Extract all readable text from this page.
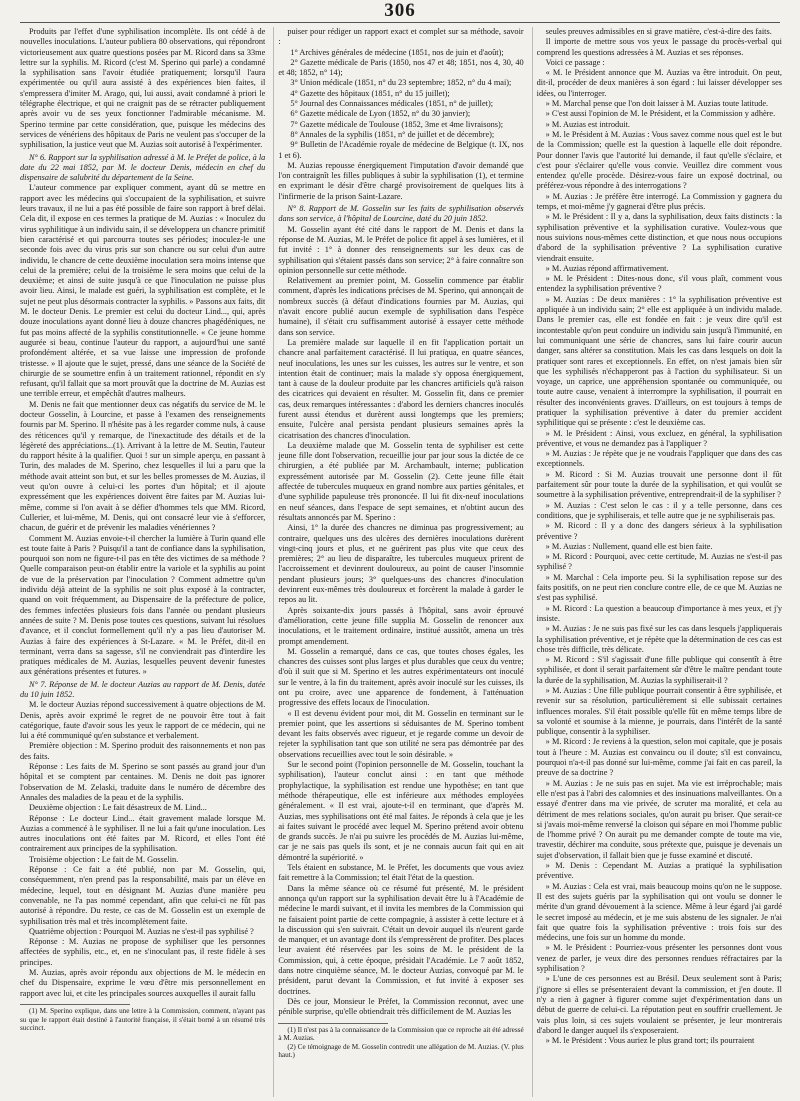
306

Produits par l'effet d'une syphilisation incomplète. Ils ont cédé à de nouvelles inoculations. L'auteur publiera 80 observations, qui répondront victorieusement aux quatre questions posées par M. Ricord dans sa 33me lettre sur la syphilis. M. Ricord (c'est M. Sperino qui parle) a condamné la syphilisation sans l'avoir étudiée pratiquement; lorsqu'il l'aura expérimentée ou qu'il aura assisté à des expériences bien faites, il s'empressera d'imiter M. Arago, qui, lui aussi, avait condamné à priori le télégraphe électrique, et qui ne craignit pas de se rétracter publiquement après avoir vu de ses yeux fonctionner l'admirable mécanisme. M. Sperino termine par cette considération, que, puisque les médecins des services de vénériens des hôpitaux de Paris ne veulent pas s'occuper de la syphilisation, la justice veut que M. Auzias soit autorisé à l'expérimenter.

N° 6. Rapport sur la syphilisation adressé à M. le Préfet de police, à la date du 22 mai 1852, par M. le docteur Denis, médecin en chef du dispensaire de salubrité du département de la Seine.

L'auteur commence par expliquer comment, ayant dû se mettre en rapport avec les médecins qui s'occupaient de la syphilisation, et suivre leurs travaux, il ne lui a pas été possible de faire son rapport à bref délai. Cela dit, il expose en ces termes la pratique de M. Auzias : « Inoculez du virus syphilitique à un individu sain, il se développera un chancre primitif bien caractérisé et qui parcourra toutes ses périodes; inoculez-le une seconde fois avec du virus pris sur son chancre ou sur celui d'un autre individu, le chancre de cette deuxième inoculation sera moins intense que celui de la première; celui de la troisième le sera moins que celui de la deuxième; et ainsi de suite jusqu'à ce que l'inoculation ne puisse plus avoir lieu. Ainsi, le malade est guéri, la syphilisation est complète, et le sujet ne peut plus désormais contracter la syphilis. » Passons aux faits, dit M. le docteur Denis. Le premier est celui du docteur Lind..., qui, après douze inoculations ayant donné lieu à douze chancres phagédéniques, ne fut pas moins affecté de la syphilis constitutionnelle. « Ce jeune homme augurée si beau, continue l'auteur du rapport, a aujourd'hui une santé profondément altérée, et sa vue laisse une impression de profonde tristesse. » Il ajoute que le sujet, pressé, dans une séance de la Société de chirurgie de se soumettre enfin à un traitement rationnel, répondit en s'y refusant, qu'il fallait que sa mort prouvât que la doctrine de M. Auzias est une terrible erreur, et empêchât d'autres malheurs.

M. Denis ne fait que mentionner deux cas négatifs du service de M. le docteur Gosselin, à Lourcine, et passe à l'examen des renseignements fournis par M. Sperino. Il n'hésite pas à les regarder comme nuls, à cause des réticences qu'il y remarque, de l'inexactitude des détails et de la légèreté des appréciations...(1). Arrivant à la lettre de M. Seutin, l'auteur du rapport hésite à la qualifier. Quoi ! sur un simple aperçu, en passant à Turin, des malades de M. Sperino, chez lesquelles il lui a paru que la méthode avait atteint son but, et sur les belles promesses de M. Auzias, il veut qu'on ouvre à celui-ci les portes d'un hôpital; et il ajoute expressément que les expériences doivent être faites par M. Auzias lui-même, comme si l'on avait à se défier d'hommes tels que MM. Ricord, Cullerier, et lui-même, M. Denis, qui ont consacré leur vie à s'efforcer, chacun, de guérir et de prévenir les maladies vénériennes ?

Comment M. Auzias envoie-t-il chercher la lumière à Turin quand elle est toute faite à Paris ? Puisqu'il a tant de confiance dans la syphilisation, pourquoi son nom ne figure-t-il pas en tête des victimes de sa méthode ? Quelle comparaison peut-on établir entre la variole et la syphilis au point de vue de la préservation par l'inoculation ? Comment admettre qu'un individu déjà atteint de la syphilis ne soit plus exposé à la contracter, quand on voit fréquemment, au Dispensaire de la préfecture de police, des femmes infectées plusieurs fois dans l'année ou pendant plusieurs années de suite ? M. Denis pose toutes ces questions, suivant lui résolues d'avance, et il conclut formellement qu'il n'y a pas lieu d'autoriser M. Auzias à faire des expériences à St-Lazare. « M. le Préfet, dit-il en terminant, verra dans sa sagesse, s'il ne conviendrait pas d'interdire les pratiques médicales de M. Auzias, lesquelles peuvent devenir funestes aux générations présentes et futures. »

N° 7. Réponse de M. le docteur Auzias au rapport de M. Denis, datée du 10 juin 1852.

M. le docteur Auzias répond successivement à quatre objections de M. Denis, après avoir exprimé le regret de ne pouvoir être tout à fait catégorique, faute d'avoir sous les yeux le rapport de ce médecin, qui ne lui a été communiqué qu'en substance et verbalement.

Première objection : M. Sperino produit des raisonnements et non pas des faits.

Réponse : Les faits de M. Sperino se sont passés au grand jour d'un hôpital et se comptent par centaines. M. Denis ne doit pas ignorer l'observation de M. Zelaski, traduite dans le numéro de décembre des Annales des maladies de la peau et de la syphilis.

Deuxième objection : Le fait désastreux de M. Lind...

Réponse : Le docteur Lind... était gravement malade lorsque M. Auzias a commencé à le syphiliser. Il ne lui a fait qu'une inoculation. Les autres inoculations ont été faites par M. Ricord, et elles l'ont été contrairement aux principes de la syphilisation.

Troisième objection : Le fait de M. Gosselin.

Réponse : Ce fait a été publié, non par M. Gosselin, qui, conséquemment, n'en prend pas la responsabilité, mais par un élève en médecine, lequel, tout en désignant M. Auzias d'une manière peu convenable, ne l'a pas nommé cependant, afin que celui-ci ne fût pas autorisé à répondre. Du reste, ce cas de M. Gosselin est un exemple de syphilisation très mal et très incomplètement faite.

Quatrième objection : Pourquoi M. Auzias ne s'est-il pas syphilisé ?

Réponse : M. Auzias ne propose de syphiliser que les personnes affectées de syphilis, etc., et, en ne s'inoculant pas, il reste fidèle à ses principes.

M. Auzias, après avoir répondu aux objections de M. le médecin en chef du Dispensaire, exprime le vœu d'être mis personnellement en rapport avec lui, et cite les principales sources auxquelles il aurait fallu

(1) M. Sperino explique, dans une lettre à la Commission, comment, n'ayant pas su que le rapport était destiné à l'autorité française, il s'était borné à un résumé très succinct.

puiser pour rédiger un rapport exact et complet sur sa méthode, savoir :

1° Archives générales de médecine (1851, nos de juin et d'août);

2° Gazette médicale de Paris (1850, nos 47 et 48; 1851, nos 4, 30, 40 et 48; 1852, n° 14);

3° Union médicale (1851, n° du 23 septembre; 1852, n° du 4 mai);

4° Gazette des hôpitaux (1851, n° du 15 juillet);

5° Journal des Connaissances médicales (1851, n° de juillet);

6° Gazette médicale de Lyon (1852, n° du 30 janvier);

7° Gazette médicale de Toulouse (1852, 3me et 4me livraisons);

8° Annales de la syphilis (1851, n° de juillet et de décembre);

9° Bulletin de l'Académie royale de médecine de Belgique (t. IX, nos 1 et 6).

M. Auzias repousse énergiquement l'imputation d'avoir demandé que l'on contraignît les filles publiques à subir la syphilisation (1), et termine en exprimant le désir d'être chargé provisoirement de quelques lits à l'infirmerie de la prison Saint-Lazare.

N° 8. Rapport de M. Gosselin sur les faits de syphilisation observés dans son service, à l'hôpital de Lourcine, daté du 20 juin 1852.

M. Gosselin ayant été cité dans le rapport de M. Denis et dans la réponse de M. Auzias, M. le Préfet de police fit appel à ses lumières, et il fut invité : 1° à donner des renseignements sur les deux cas de syphilisation qui s'étaient passés dans son service; 2° à faire connaître son opinion personnelle sur cette méthode.

Relativement au premier point, M. Gosselin commence par établir comment, d'après les indications précises de M. Sperino, qui annonçait de nombreux succès (à défaut d'indications fournies par M. Auzias, qui n'avait encore publié aucun exemple de syphilisation dans l'espèce humaine), il s'était cru suffisamment autorisé à essayer cette méthode dans son service.

La première malade sur laquelle il en fit l'application portait un chancre anal parfaitement caractérisé. Il lui pratiqua, en quatre séances, neuf inoculations, les unes sur les cuisses, les autres sur le ventre, et son intention était de continuer; mais la malade s'y opposa énergiquement, tant à cause de la douleur produite par les chancres artificiels qu'à raison des cicatrices qui devaient en résulter. M. Gosselin fit, dans ce premier cas, deux remarques intéressantes : d'abord les derniers chancres inoculés furent aussi étendus et durèrent aussi longtemps que les premiers; ensuite, l'ulcère anal persista pendant plusieurs semaines après la cicatrisation des chancres d'inoculation.

La deuxième malade que M. Gosselin tenta de syphiliser est cette jeune fille dont l'observation, recueillie jour par jour sous la dictée de ce chirurgien, a été publiée par M. Archambault, interne; publication expressément autorisée par M. Gosselin (2). Cette jeune fille était affectée de tubercules muqueux en grand nombre aux parties génitales, et d'une syphilide papuleuse très prononcée. Il lui fit dix-neuf inoculations en neuf séances, dans l'espace de sept semaines, et n'obtint aucun des résultats annoncés par M. Sperino :

Ainsi, 1° la durée des chancres ne diminua pas progressivement; au contraire, quelques uns des ulcères des dernières inoculations durèrent vingt-cinq jours et plus, et ne guérirent pas plus vite que ceux des premières; 2° au lieu de disparaître, les tubercules muqueux prirent de l'accroissement et devinrent douloureux, au point de causer l'insomnie pendant plusieurs jours; 3° quelques-uns des chancres d'inoculation devinrent eux-mêmes très douloureux et forcèrent la malade à garder le repos au lit.

Après soixante-dix jours passés à l'hôpital, sans avoir éprouvé d'amélioration, cette jeune fille supplia M. Gosselin de renoncer aux inoculations, et le traitement ordinaire, institué aussitôt, amena un très prompt amendement.

M. Gosselin a remarqué, dans ce cas, que toutes choses égales, les chancres des cuisses sont plus larges et plus durables que ceux du ventre; d'où il suit que si M. Sperino et les autres expérimentateurs ont inoculé sur le ventre, à la fin du traitement, après avoir inoculé sur les cuisses, ils ont pu croire, avec une apparence de fondement, à l'atténuation progressive des effets locaux de l'inoculation.

« Il est devenu évident pour moi, dit M. Gosselin en terminant sur le premier point, que les assertions si séduisantes de M. Sperino tombent devant les faits observés avec rigueur, et je regarde comme un devoir de rejeter la syphilisation tant que son utilité ne sera pas démontrée par des observations recueillies avec tout le soin désirable. »

Sur le second point (l'opinion personnelle de M. Gosselin, touchant la syphilisation), l'auteur conclut ainsi : en tant que méthode prophylactique, la syphilisation est rendue une hypothèse; en tant que méthode thérapeutique, elle est inférieure aux méthodes employées généralement. « Il est vrai, ajoute-t-il en terminant, que d'après M. Auzias, mes syphilisations ont été mal faites. Je réponds à cela que je les ai faites suivant le procédé avec lequel M. Sperino prétend avoir obtenu de grands succès. Je n'ai pu suivre les procédés de M. Auzias lui-même, car je ne sais pas quels ils sont, et je ne connais aucun fait qui en ait démontré la supériorité. »

Tels étaient en substance, M. le Préfet, les documents que vous aviez fait remettre à la Commission; tel était l'état de la question.

Dans la même séance où ce résumé fut présenté, M. le président annonça qu'un rapport sur la syphilisation devait être lu à l'Académie de médecine le mardi suivant, et il invita les membres de la Commission qui ne faisaient point partie de cette compagnie, à assister à cette lecture et à la discussion qui s'en suivrait. C'était un devoir auquel ils n'eurent garde de manquer, et un avantage dont ils s'empressèrent de profiter. Des places leur avaient été réservées par les soins de M. le président de la Commission, qui, à cette époque, présidait l'Académie. Le 7 août 1852, dans notre cinquième séance, M. le docteur Auzias, convoqué par M. le président, parut devant la Commission, et fut invité à exposer ses doctrines.

Dès ce jour, Monsieur le Préfet, la Commission reconnut, avec une pénible surprise, qu'elle obtiendrait très difficilement de M. Auzias les

(1) Il n'est pas à la connaissance de la Commission que ce reproche ait été adressé à M. Auzias.

(2) Ce témoignage de M. Gosselin contredit une allégation de M. Auzias. (V. plus haut.)

seules preuves admissibles en si grave matière, c'est-à-dire des faits.

Il importe de mettre sous vos yeux le passage du procès-verbal qui comprend les questions adressées à M. Auzias et ses réponses.

Voici ce passage :

« M. le Président annonce que M. Auzias va être introduit. On peut, dit-il, procéder de deux manières à son égard : lui laisser développer ses idées, ou l'interroger.

» M. Marchal pense que l'on doit laisser à M. Auzias toute latitude.

» C'est aussi l'opinion de M. le Président, et la Commission y adhère.

» M. Auzias est introduit.

» M. le Président à M. Auzias : Vous savez comme nous quel est le but de la Commission; quelle est la question à laquelle elle doit répondre. Pour donner l'avis que l'autorité lui demande, il faut qu'elle s'éclaire, et c'est pour s'éclairer qu'elle vous convie. Veuillez dire comment vous entendez qu'elle procède. Désirez-vous faire un exposé doctrinal, ou préférez-vous répondre à des interrogations ?

» M. Auzias : Je préfère être interrogé. La Commission y gagnera du temps, et moi-même j'y gagnerai d'être plus précis.

» M. le Président : Il y a, dans la syphilisation, deux faits distincts : la syphilisation préventive et la syphilisation curative. Voulez-vous que nous suivions nous-mêmes cette distinction, et que nous nous occupions d'abord de la syphilisation préventive ? La syphilisation curative viendrait ensuite.

» M. Auzias répond affirmativement.

» M. le Président : Dites-nous donc, s'il vous plaît, comment vous entendez la syphilisation préventive ?

» M. Auzias : De deux manières : 1° la syphilisation préventive est appliquée à un individu sain; 2° elle est appliquée à un individu malade. Dans le premier cas, elle est fondée en fait : je veux dire qu'il est incontestable qu'on peut conduire un individu sain jusqu'à l'immunité, en lui communiquant une série de chancres, sans lui faire courir aucun danger, sans altérer sa constitution. Mais les cas dans lesquels on doit la pratiquer sont rares et exceptionnels. En effet, on n'est jamais bien sûr que les syphilisés n'échapperont pas à l'action du syphilisateur. Si un voyage, un caprice, une appréhension spontanée ou communiquée, ou toute autre cause, venaient à interrompre la syphilisation, il pourrait en résulter des inconvénients graves. D'ailleurs, on est toujours à temps de pratiquer la syphilisation préventive à dater du premier accident syphilitique qui se présente : c'est le deuxième cas.

» M. le Président : Ainsi, vous excluez, en général, la syphilisation préventive, et vous ne demandez pas à l'appliquer ?

» M. Auzias : Je répète que je ne voudrais l'appliquer que dans des cas exceptionnels.

» M. Ricord : Si M. Auzias trouvait une personne dont il fût parfaitement sûr pour toute la durée de la syphilisation, et qui voulût se soumettre à la syphilisation préventive, entreprendrait-il de la syphiliser ?

» M. Auzias : C'est selon le cas : il y a telle personne, dans ces conditions, que je syphiliserais, et telle autre que je ne syphiliserais pas.

» M. Ricord : Il y a donc des dangers sérieux à la syphilisation préventive ?

» M. Auzias : Nullement, quand elle est bien faite.

» M. Ricord : Pourquoi, avec cette certitude, M. Auzias ne s'est-il pas syphilisé ?

» M. Marchal : Cela importe peu. Si la syphilisation repose sur des faits positifs, on ne peut rien conclure contre elle, de ce que M. Auzias ne s'est pas syphilisé.

» M. Ricord : La question a beaucoup d'importance à mes yeux, et j'y insiste.

» M. Auzias : Je ne suis pas fixé sur les cas dans lesquels j'appliquerais la syphilisation préventive, et je répète que la détermination de ces cas est chose très difficile, très délicate.

» M. Ricord : S'il s'agissait d'une fille publique qui consentît à être syphilisée, et dont il serait parfaitement sûr d'être le maître pendant toute la durée de la syphilisation, M. Auzias la syphiliserait-il ?

» M. Auzias : Une fille publique pourrait consentir à être syphilisée, et revenir sur sa résolution, particulièrement si elle subissait certaines influences morales. S'il était possible qu'elle fût en même temps libre de sa volonté et soumise à la mienne, je pourrais, dans l'intérêt de la santé publique, consentir à la syphiliser.

» M. Ricord : Je reviens à la question, selon moi capitale, que je posais tout à l'heure : M. Auzias est convaincu ou il doute; s'il est convaincu, pourquoi n'a-t-il pas donné sur lui-même, comme j'ai fait en cas pareil, la preuve de sa doctrine ?

» M. Auzias : Je ne suis pas en sujet. Ma vie est irréprochable; mais elle n'est pas à l'abri des calomnies et des insinuations malveillantes. On a essayé d'entrer dans ma vie privée, de scruter ma moralité, et cela au détriment de mes relations sociales, qu'on aurait pu briser. Que serait-ce si j'avais moi-même renversé la cloison qui sépare en moi l'homme public de l'homme privé ? On aurait pu me demander compte de toute ma vie, travestir, déchirer ma conduite, sous prétexte que, puisque je devenais un sujet d'observation, il fallait bien que je fusse examiné et discuté.

» M. Denis : Cependant M. Auzias a pratiqué la syphilisation préventive.

» M. Auzias : Cela est vrai, mais beaucoup moins qu'on ne le suppose. Il est des sujets guéris par la syphilisation qui ont voulu se donner le mérite d'un grand dévouement à la science. Même à leur égard j'ai gardé le secret imposé au médecin, et je me suis abstenu de les signaler. Je n'ai fait que quatre fois la syphilisation préventive : trois fois sur des médecins, une fois sur un homme du monde.

» M. le Président : Pourriez-vous présenter les personnes dont vous venez de parler, je veux dire des personnes rendues réfractaires par la syphilisation ?

» L'une de ces personnes est au Brésil. Deux seulement sont à Paris; j'ignore si elles se présenteraient devant la commission, et j'en doute. Il n'y a rien à gagner à figurer comme sujet d'expérimentation dans un début de guerre de celui-ci. La réputation peut en souffrir cruellement. Je vais plus loin, si ces sujets voulaient se présenter, je leur montrerais d'abord le danger auquel ils s'exposeraient.

» M. le Président : Vous auriez le plus grand tort; ils pourraient
